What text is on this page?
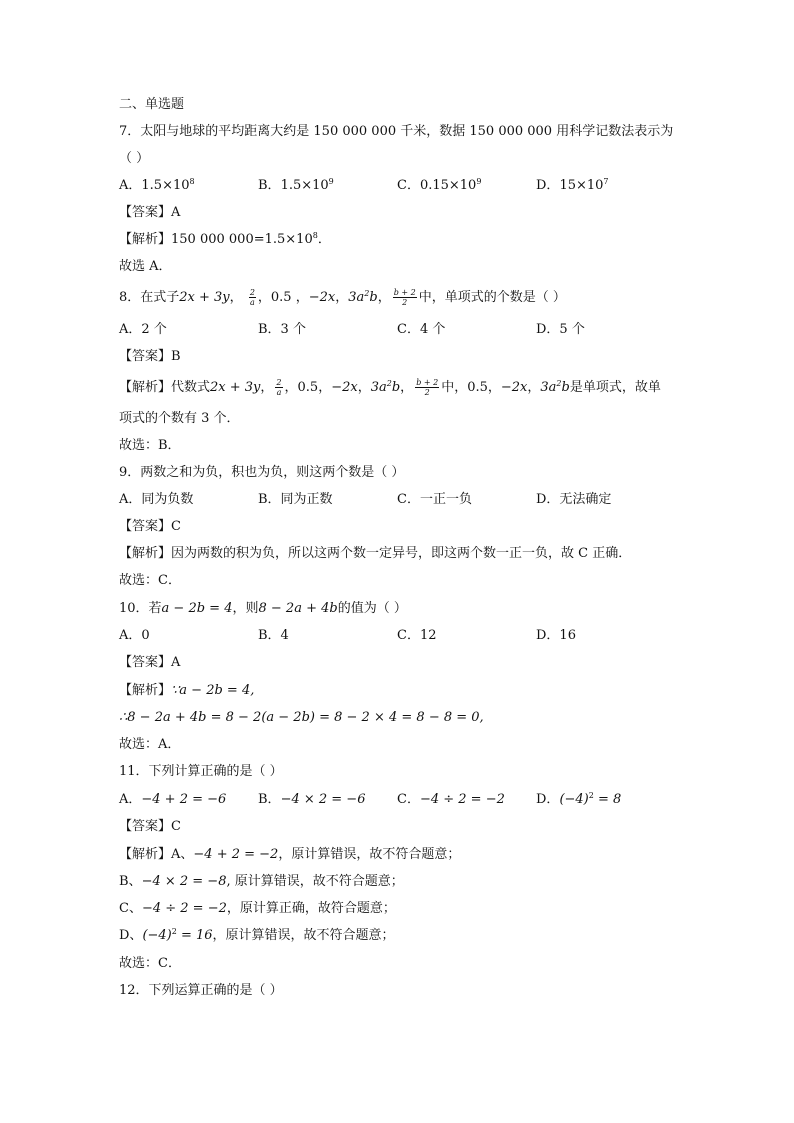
二、单选题
7．太阳与地球的平均距离大约是 150 000 000 千米，数据 150 000 000 用科学记数法表示为
（ ）
A．$1.5\times 10^8$	B．$1.5\times 10^9$	C．$0.15\times 10^9$	D．$15\times 10^7$
【答案】A
【解析】150 000 $000=1.5\times 10^8$．
故选 A．
8．在式子2x + 3y， $\frac{2}{a}$ ，0.5 ，−2x，$3a^2b$， $\frac{b + 2}{2}$ 中，单项式的个数是（ ）
A．2 个	B．3 个	C．4 个	D．5 个
【答案】B
【解析】代数式2x + 3y， $\frac{2}{a}$ ，0.5，−2x，$3a^2b$， $\frac{b + 2}{2}$ 中，0.5，−2x，$3a^2b$是单项式，故单
项式的个数有 3 个．
故选：B．
9．两数之和为负，积也为负，则这两个数是（ ）
A．同为负数	B．同为正数	C．一正一负	D．无法确定
【答案】C
【解析】因为两数的积为负，所以这两个数一定异号，即这两个数一正一负，故 C 正确．
故选：C．
10．若a − 2b = 4，则8 − 2a + 4b的值为（ ）
A．0	B．4	C．12	D．16
【答案】A
【解析】∵a − 2b = 4,
∴8 − 2a + 4b = 8 − 2(a − 2b) = 8 − 2 × 4 = 8 − 8 = 0,
故选：A．
11．下列计算正确的是（ ）
A．−4 + 2 = −6 B．−4 × 2 = −6 C．−4 ÷ 2 = −2 D．$(-4)^2 = 8$
【答案】C
【解析】A、−4 + 2 = −2，原计算错误，故不符合题意；
B、−4 × 2 = −8, 原计算错误，故不符合题意；
C、−4 ÷ 2 = −2，原计算正确，故符合题意；
D、$(-4)^2 = 16$，原计算错误，故不符合题意；
故选：C．
12．下列运算正确的是（ ）
